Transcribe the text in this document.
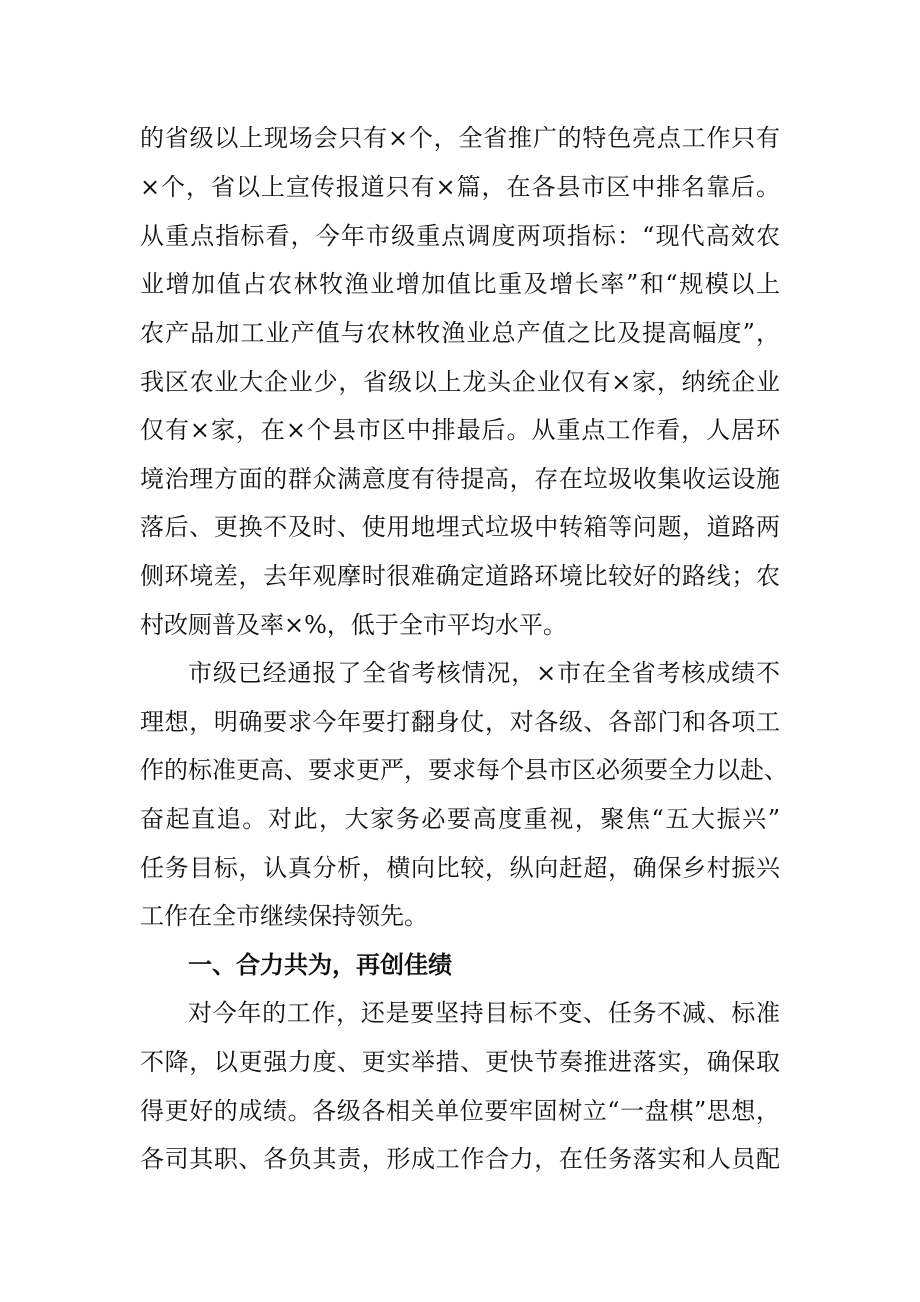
的省级以上现场会只有×个，全省推广的特色亮点工作只有
×个，省以上宣传报道只有×篇，在各县市区中排名靠后。
从重点指标看，今年市级重点调度两项指标：“现代高效农
业增加值占农林牧渔业增加值比重及增长率”和“规模以上
农产品加工业产值与农林牧渔业总产值之比及提高幅度”，
我区农业大企业少，省级以上龙头企业仅有×家，纳统企业
仅有×家，在×个县市区中排最后。从重点工作看，人居环
境治理方面的群众满意度有待提高，存在垃圾收集收运设施
落后、更换不及时、使用地埋式垃圾中转箱等问题，道路两
侧环境差，去年观摩时很难确定道路环境比较好的路线；农
村改厕普及率×%，低于全市平均水平。
市级已经通报了全省考核情况，×市在全省考核成绩不
理想，明确要求今年要打翻身仗，对各级、各部门和各项工
作的标准更高、要求更严，要求每个县市区必须要全力以赴、
奋起直追。对此，大家务必要高度重视，聚焦“五大振兴”
任务目标，认真分析，横向比较，纵向赶超，确保乡村振兴
工作在全市继续保持领先。
一、合力共为，再创佳绩
对今年的工作，还是要坚持目标不变、任务不减、标准
不降，以更强力度、更实举措、更快节奏推进落实，确保取
得更好的成绩。各级各相关单位要牢固树立“一盘棋”思想，
各司其职、各负其责，形成工作合力，在任务落实和人员配
